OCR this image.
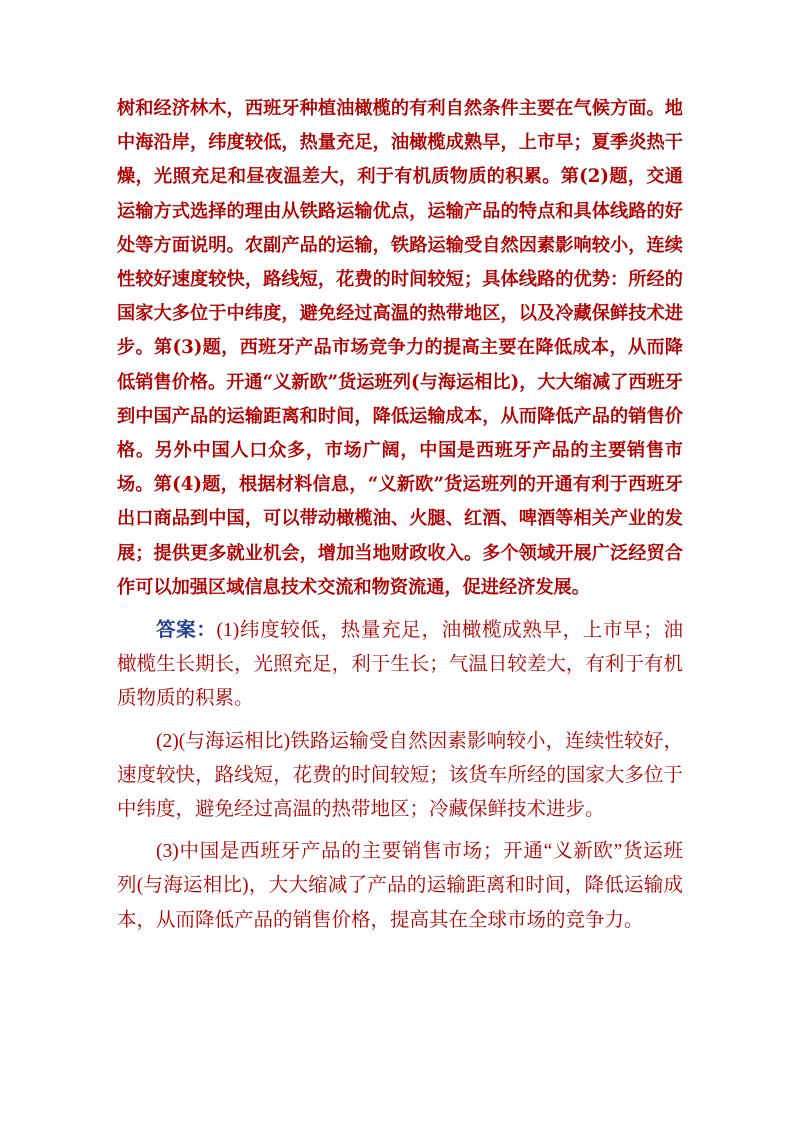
树和经济林木，西班牙种植油橄榄的有利自然条件主要在气候方面。地中海沿岸，纬度较低，热量充足，油橄榄成熟早，上市早；夏季炎热干燥，光照充足和昼夜温差大，利于有机质物质的积累。第(2)题，交通运输方式选择的理由从铁路运输优点，运输产品的特点和具体线路的好处等方面说明。农副产品的运输，铁路运输受自然因素影响较小，连续性较好速度较快，路线短，花费的时间较短；具体线路的优势：所经的国家大多位于中纬度，避免经过高温的热带地区，以及冷藏保鲜技术进步。第(3)题，西班牙产品市场竞争力的提高主要在降低成本，从而降低销售价格。开通“义新欧”货运班列(与海运相比)，大大缩减了西班牙到中国产品的运输距离和时间，降低运输成本，从而降低产品的销售价格。另外中国人口众多，市场广阔，中国是西班牙产品的主要销售市场。第(4)题，根据材料信息，“义新欧”货运班列的开通有利于西班牙出口商品到中国，可以带动橄榄油、火腿、红酒、啤酒等相关产业的发展；提供更多就业机会，增加当地财政收入。多个领域开展广泛经贸合作可以加强区域信息技术交流和物资流通，促进经济发展。

答案：(1)纬度较低，热量充足，油橄榄成熟早，上市早；油橄榄生长期长，光照充足，利于生长；气温日较差大，有利于有机质物质的积累。

(2)(与海运相比)铁路运输受自然因素影响较小，连续性较好，速度较快，路线短，花费的时间较短；该货车所经的国家大多位于中纬度，避免经过高温的热带地区；冷藏保鲜技术进步。

(3)中国是西班牙产品的主要销售市场；开通“义新欧”货运班列(与海运相比)，大大缩减了产品的运输距离和时间，降低运输成本，从而降低产品的销售价格，提高其在全球市场的竞争力。
